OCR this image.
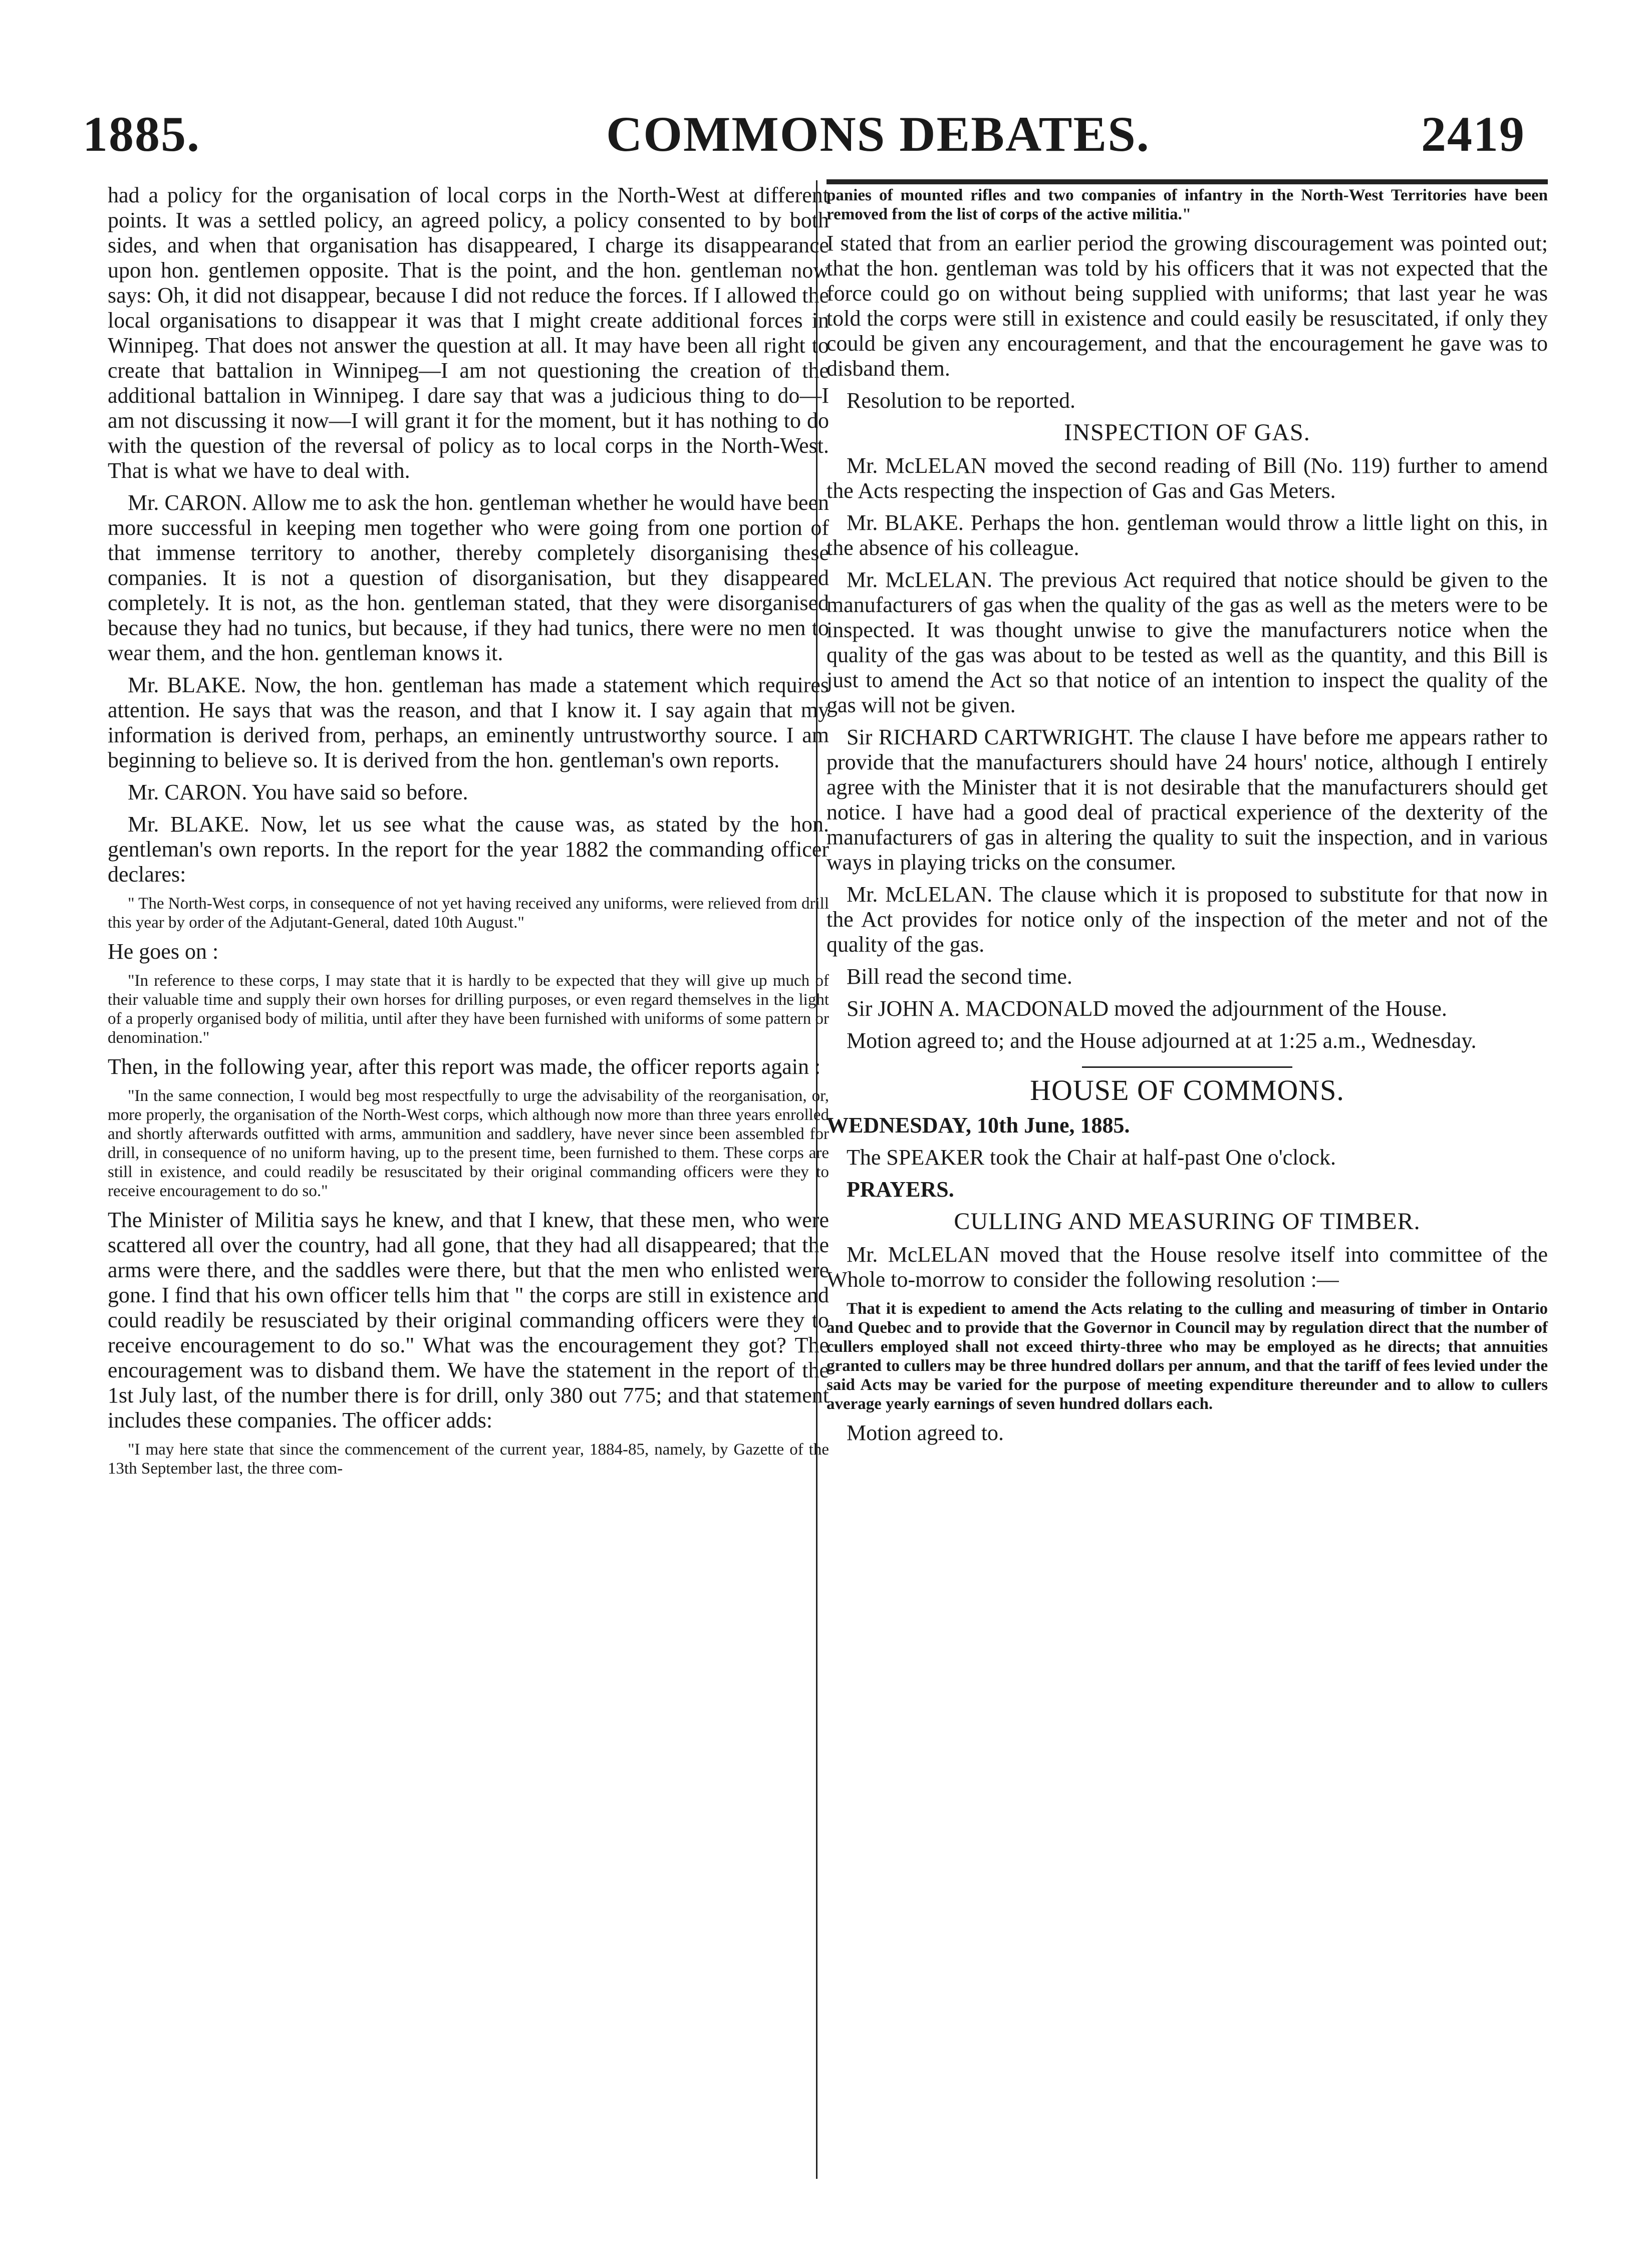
1885.	COMMONS DEBATES.	2419

had a policy for the organisation of local corps in the North-West at different points. It was a settled policy, an agreed policy, a policy consented to by both sides, and when that organisation has disappeared, I charge its disappearance upon hon. gentlemen opposite. That is the point, and the hon. gentleman now says: Oh, it did not disappear, because I did not reduce the forces. If I allowed the local organisations to disappear it was that I might create additional forces in Winnipeg. That does not answer the question at all. It may have been all right to create that battalion in Winnipeg—I am not questioning the creation of the additional battalion in Winnipeg. I dare say that was a judicious thing to do—I am not discussing it now—I will grant it for the moment, but it has nothing to do with the question of the reversal of policy as to local corps in the North-West. That is what we have to deal with.

Mr. CARON. Allow me to ask the hon. gentleman whether he would have been more successful in keeping men together who were going from one portion of that immense territory to another, thereby completely disorganising these companies. It is not a question of disorganisation, but they disappeared completely. It is not, as the hon. gentleman stated, that they were disorganised because they had no tunics, but because, if they had tunics, there were no men to wear them, and the hon. gentleman knows it.

Mr. BLAKE. Now, the hon. gentleman has made a statement which requires attention. He says that was the reason, and that I know it. I say again that my information is derived from, perhaps, an eminently untrustworthy source. I am beginning to believe so. It is derived from the hon. gentleman's own reports.

Mr. CARON. You have said so before.

Mr. BLAKE. Now, let us see what the cause was, as stated by the hon. gentleman's own reports. In the report for the year 1882 the commanding officer declares:

" The North-West corps, in consequence of not yet having received any uniforms, were relieved from drill this year by order of the Adjutant-General, dated 10th August."

He goes on :

"In reference to these corps, I may state that it is hardly to be expected that they will give up much of their valuable time and supply their own horses for drilling purposes, or even regard themselves in the light of a properly organised body of militia, until after they have been furnished with uniforms of some pattern or denomination."

Then, in the following year, after this report was made, the officer reports again :

"In the same connection, I would beg most respectfully to urge the advisability of the reorganisation, or, more properly, the organisation of the North-West corps, which although now more than three years enrolled and shortly afterwards outfitted with arms, ammunition and saddlery, have never since been assembled for drill, in consequence of no uniform having, up to the present time, been furnished to them. These corps are still in existence, and could readily be resuscitated by their original commanding officers were they to receive encouragement to do so."

The Minister of Militia says he knew, and that I knew, that these men, who were scattered all over the country, had all gone, that they had all disappeared; that the arms were there, and the saddles were there, but that the men who enlisted were gone. I find that his own officer tells him that " the corps are still in existence and could readily be resusciated by their original commanding officers were they to receive encouragement to do so." What was the encouragement they got? The encouragement was to disband them. We have the statement in the report of the 1st July last, of the number there is for drill, only 380 out 775; and that statement includes these companies. The officer adds:

"I may here state that since the commencement of the current year, 1884-85, namely, by Gazette of the 13th September last, the three com-
panies of mounted rifles and two companies of infantry in the North-West Territories have been removed from the list of corps of the active militia."

I stated that from an earlier period the growing discouragement was pointed out; that the hon. gentleman was told by his officers that it was not expected that the force could go on without being supplied with uniforms; that last year he was told the corps were still in existence and could easily be resuscitated, if only they could be given any encouragement, and that the encouragement he gave was to disband them.

Resolution to be reported.

INSPECTION OF GAS.

Mr. McLELAN moved the second reading of Bill (No. 119) further to amend the Acts respecting the inspection of Gas and Gas Meters.

Mr. BLAKE. Perhaps the hon. gentleman would throw a little light on this, in the absence of his colleague.

Mr. McLELAN. The previous Act required that notice should be given to the manufacturers of gas when the quality of the gas as well as the meters were to be inspected. It was thought unwise to give the manufacturers notice when the quality of the gas was about to be tested as well as the quantity, and this Bill is just to amend the Act so that notice of an intention to inspect the quality of the gas will not be given.

Sir RICHARD CARTWRIGHT. The clause I have before me appears rather to provide that the manufacturers should have 24 hours' notice, although I entirely agree with the Minister that it is not desirable that the manufacturers should get notice. I have had a good deal of practical experience of the dexterity of the manufacturers of gas in altering the quality to suit the inspection, and in various ways in playing tricks on the consumer.

Mr. McLELAN. The clause which it is proposed to substitute for that now in the Act provides for notice only of the inspection of the meter and not of the quality of the gas.

Bill read the second time.

Sir JOHN A. MACDONALD moved the adjournment of the House.

Motion agreed to; and the House adjourned at at 1:25 a.m., Wednesday.

HOUSE OF COMMONS.

WEDNESDAY, 10th June, 1885.

The SPEAKER took the Chair at half-past One o'clock.

PRAYERS.

CULLING AND MEASURING OF TIMBER.

Mr. McLELAN moved that the House resolve itself into committee of the Whole to-morrow to consider the following resolution :—

That it is expedient to amend the Acts relating to the culling and measuring of timber in Ontario and Quebec and to provide that the Governor in Council may by regulation direct that the number of cullers employed shall not exceed thirty-three who may be employed as he directs; that annuities granted to cullers may be three hundred dollars per annum, and that the tariff of fees levied under the said Acts may be varied for the purpose of meeting expenditure thereunder and to allow to cullers average yearly earnings of seven hundred dollars each.

Motion agreed to.
